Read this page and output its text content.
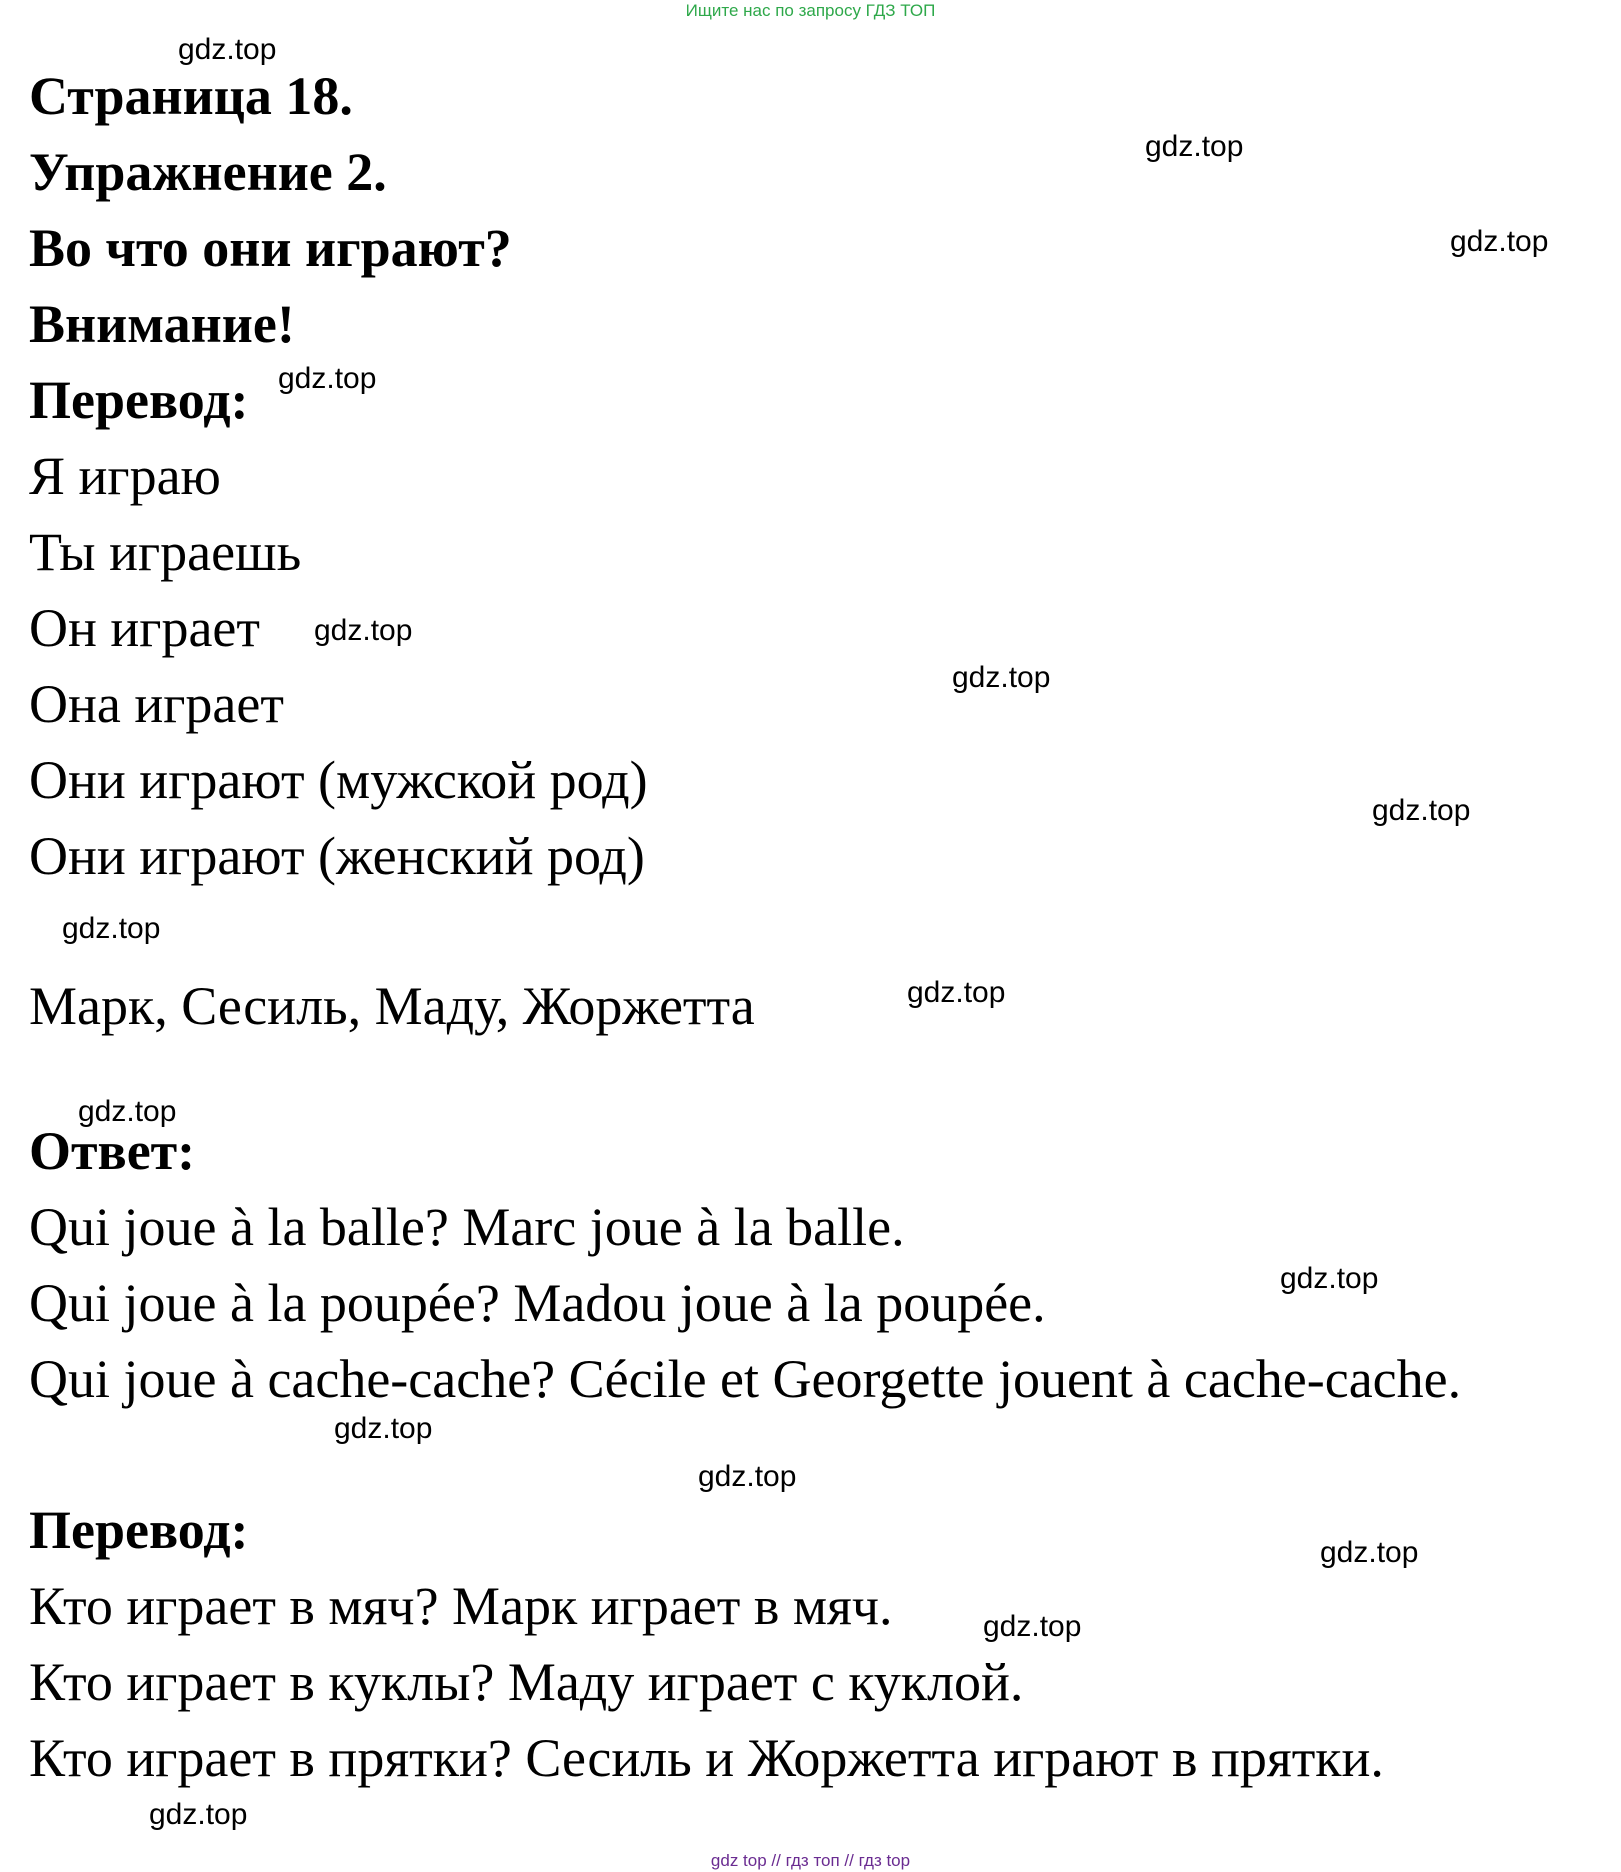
Ищите нас по запросу ГДЗ ТОП
Страница 18.
Упражнение 2.
Во что они играют?
Внимание!
Перевод:
Я играю
Ты играешь
Он играет
Она играет
Они играют (мужской род)
Они играют (женский род)
Марк, Сесиль, Маду, Жоржетта
Ответ:
Qui joue à la balle? Marc joue à la balle.
Qui joue à la poupée? Madou joue à la poupée.
Qui joue à cache-cache? Cécile et Georgette jouent à cache-cache.
Перевод:
Кто играет в мяч? Марк играет в мяч.
Кто играет в куклы? Маду играет с куклой.
Кто играет в прятки? Сесиль и Жоржетта играют в прятки.
gdz.top
gdz.top
gdz.top
gdz.top
gdz.top
gdz.top
gdz.top
gdz.top
gdz.top
gdz.top
gdz.top
gdz.top
gdz.top
gdz.top
gdz.top
gdz.top
gdz top // гдз топ // гдз top
